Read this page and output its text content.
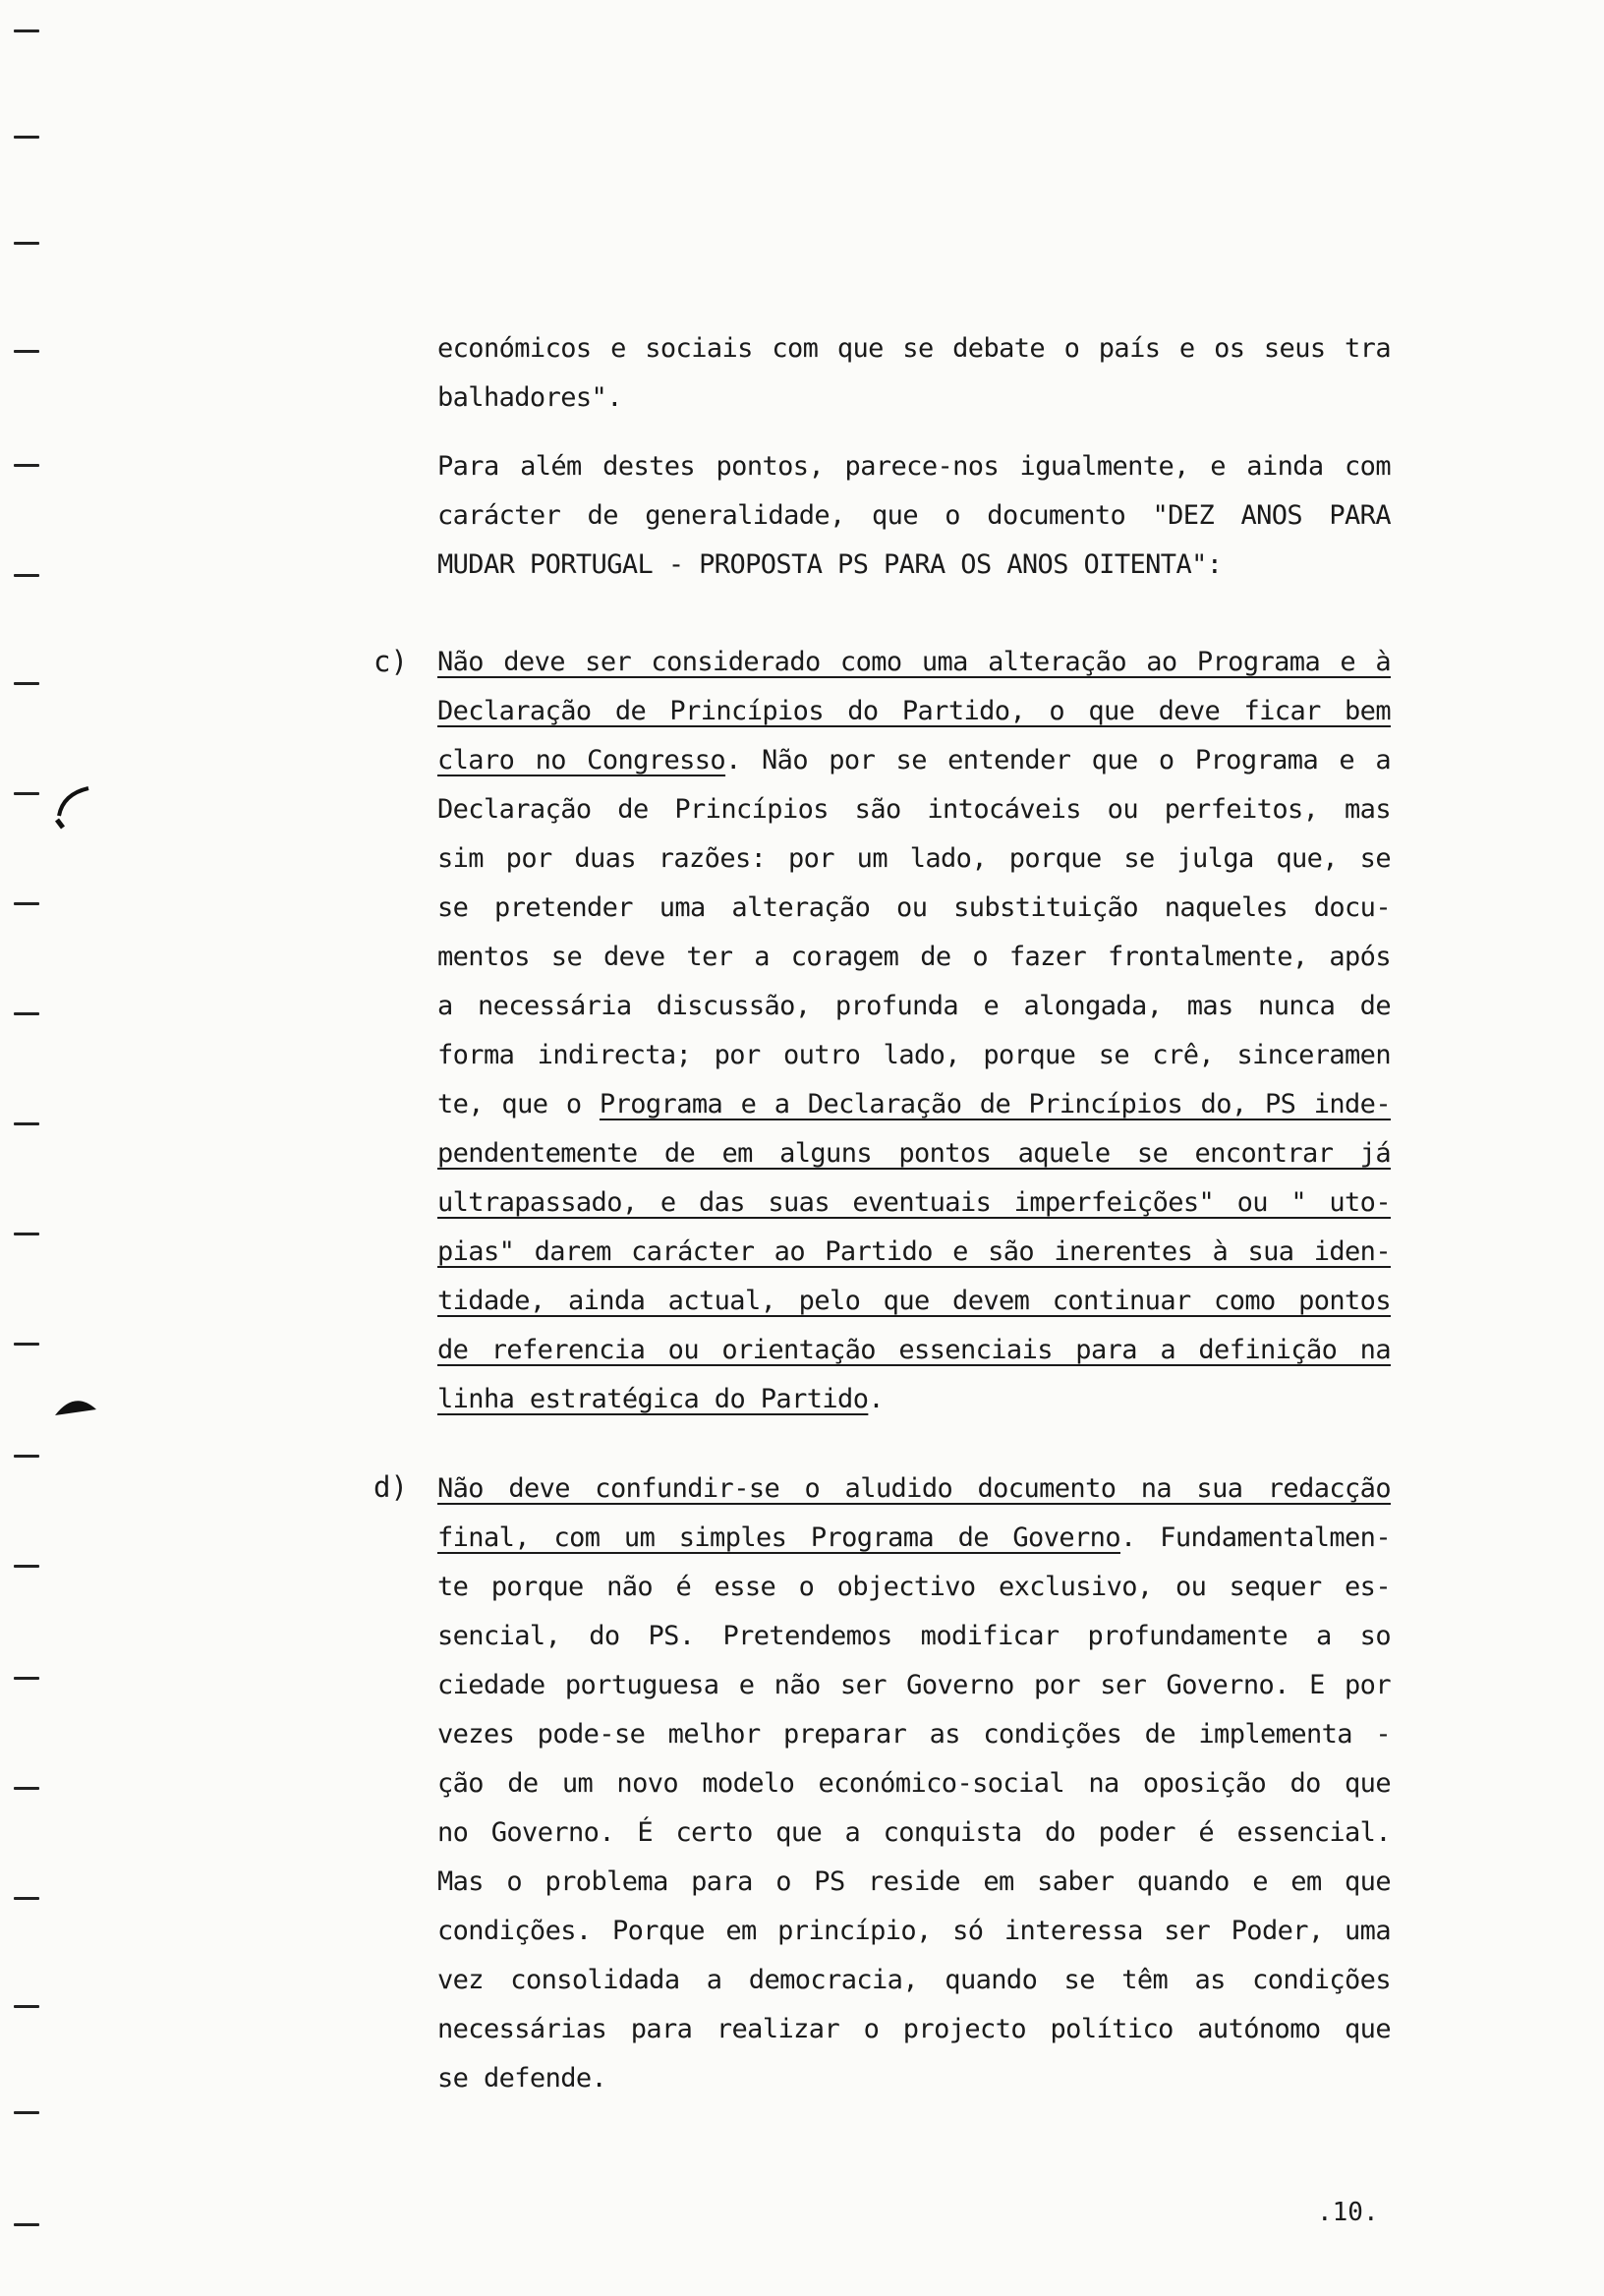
económicos e sociais com que se debate o país e os seus tra
balhadores".
Para além destes pontos, parece-nos igualmente, e ainda com
carácter de generalidade, que o documento "DEZ ANOS PARA
MUDAR PORTUGAL - PROPOSTA PS PARA OS ANOS OITENTA":
c) Não deve ser considerado como uma alteração ao Programa e à
Declaração de Princípios do Partido, o que deve ficar bem
claro no Congresso. Não por se entender que o Programa e a
Declaração de Princípios são intocáveis ou perfeitos, mas
sim por duas razões: por um lado, porque se julga que, se
se pretender uma alteração ou substituição naqueles docu-
mentos se deve ter a coragem de o fazer frontalmente, após
a necessária discussão, profunda e alongada, mas nunca de
forma indirecta; por outro lado, porque se crê, sinceramen
te, que o Programa e a Declaração de Princípios do, PS inde-
pendentemente de em alguns pontos aquele se encontrar já
ultrapassado, e das suas eventuais imperfeições" ou " uto-
pias" darem carácter ao Partido e são inerentes à sua iden-
tidade, ainda actual, pelo que devem continuar como pontos
de referencia ou orientação essenciais para a definição na
linha estratégica do Partido.
d) Não deve confundir-se o aludido documento na sua redacção
final, com um simples Programa de Governo. Fundamentalmen-
te porque não é esse o objectivo exclusivo, ou sequer es-
sencial, do PS. Pretendemos modificar profundamente a so
ciedade portuguesa e não ser Governo por ser Governo. E por
vezes pode-se melhor preparar as condições de implementa -
ção de um novo modelo económico-social na oposição do que
no Governo. É certo que a conquista do poder é essencial.
Mas o problema para o PS reside em saber quando e em que
condições. Porque em princípio, só interessa ser Poder, uma
vez consolidada a democracia, quando se têm as condições
necessárias para realizar o projecto político autónomo que
se defende.
.10.
